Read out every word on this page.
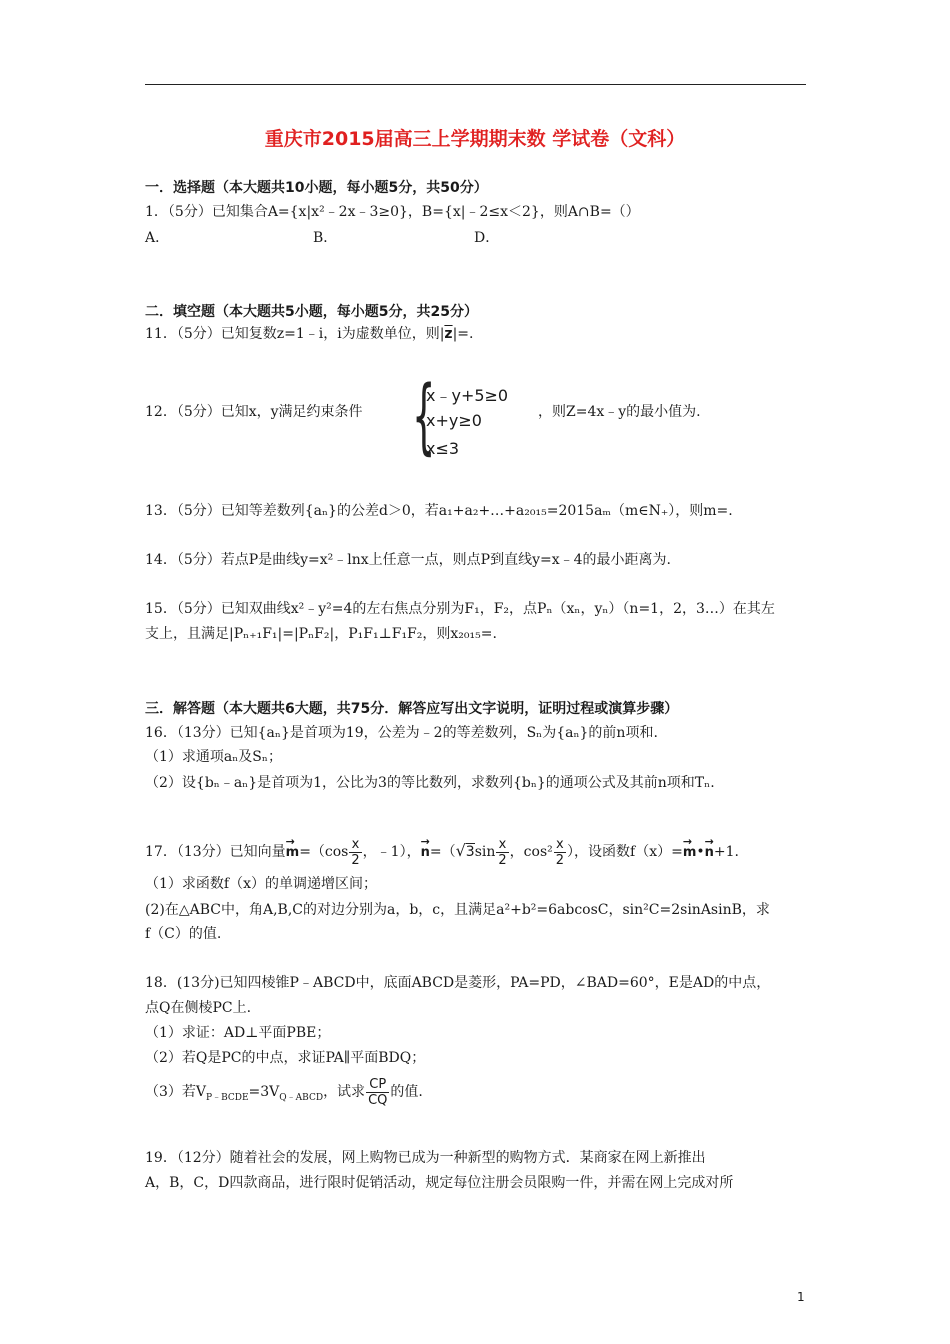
重庆市2015届高三上学期期末数 学试卷（文科）
一．选择题（本大题共10小题，每小题5分，共50分）
1．（5分）已知集合A={x|x²﹣2x﹣3≥0}，B={x|﹣2≤x＜2}，则A∩B=（）
A．	B．	D．
二．填空题（本大题共5小题，每小题5分，共25分）
11．（5分）已知复数z=1﹣i，i为虚数单位，则$|\overline{z}|=$.
12．（5分）已知x，y满足约束条件 {
x﹣y+5≥0
x+y≥0
x≤3
，则Z=4x﹣y的最小值为.
13．（5分）已知等差数列{aₙ}的公差d＞0，若a₁+a₂+…+a₂₀₁₅=2015aₘ（m∈N₊），则m=.
14．（5分）若点P是曲线y=x²﹣lnx上任意一点，则点P到直线y=x﹣4的最小距离为.
15．（5分）已知双曲线x²﹣y²=4的左右焦点分别为F₁，F₂，点Pₙ（xₙ，yₙ）（n=1，2，3…）在其左
支上，且满足|Pₙ₊₁F₁|=|PₙF₂|，P₁F₁⊥F₁F₂，则x₂₀₁₅=.
三．解答题（本大题共6大题，共75分．解答应写出文字说明，证明过程或演算步骤）
16．（13分）已知{aₙ}是首项为19，公差为﹣2的等差数列，Sₙ为{aₙ}的前n项和.
（1）求通项aₙ及Sₙ；
（2）设{bₙ﹣aₙ}是首项为1，公比为3的等比数列，求数列{bₙ}的通项公式及其前n项和Tₙ.
17．（13分）已知向量→ $m=(\cos \frac{x}{2}$ ，﹣1），→ $n=(√3\sin \frac{x}{2}$ ，$\cos^2 \frac{x}{2}$ ），设函数f（x）=→ m•→ n+1.
（1）求函数f（x）的单调递增区间；
(2)在△ABC中，角A,B,C的对边分别为a，b，c，且满足a²+b²=6abcosC，sin²C=2sinAsinB，求
f（C）的值.
18．(13分)已知四棱锥P﹣ABCD中，底面ABCD是菱形，PA=PD，∠BAD=60°，E是AD的中点，
点Q在侧棱PC上.
（1）求证：AD⊥平面PBE；
（2）若Q是PC的中点，求证PA∥平面BDQ；
（3）若$V_{P﹣BCDE}=3V_{Q﹣ABCD}$，试求 $\frac{CP}{CQ}$ 的值.
19．（12分）随着社会的发展，网上购物已成为一种新型的购物方式．某商家在网上新推出
A，B，C，D四款商品，进行限时促销活动，规定每位注册会员限购一件，并需在网上完成对所
1
